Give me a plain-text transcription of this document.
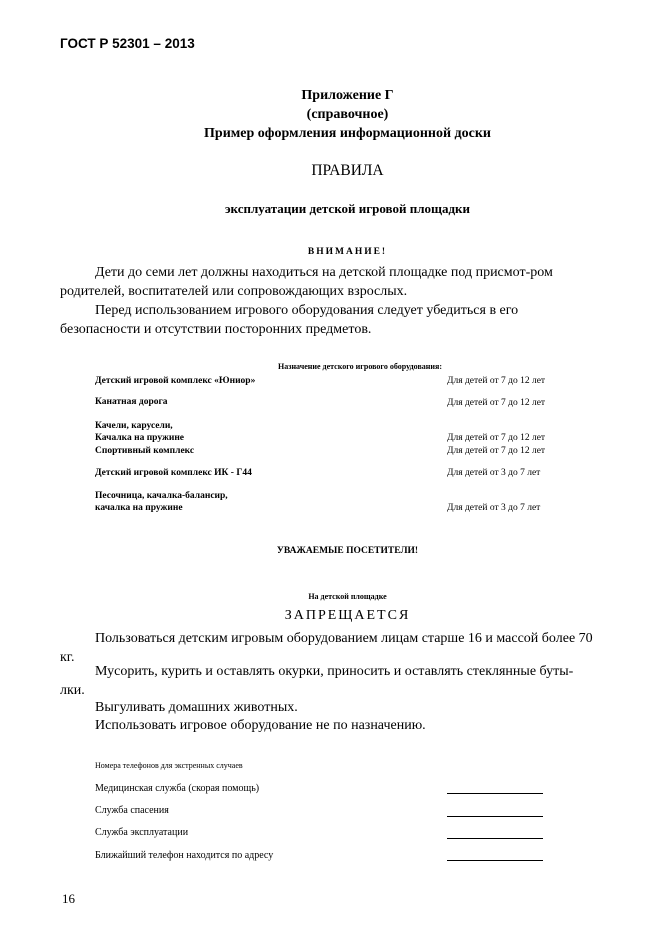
ГОСТ Р 52301 – 2013
Приложение Г
(справочное)
Пример оформления информационной доски
ПРАВИЛА
эксплуатации детской игровой площадки
ВНИМАНИЕ!

Дети до семи лет должны находиться на детской площадке под присмот-ром родителей, воспитателей или сопровождающих взрослых.

Перед использованием игрового оборудования следует убедиться в его безопасности и отсутствии посторонних предметов.

Назначение детского игрового оборудования:
Детский игровой комплекс «Юниор»	Для детей от 7 до 12 лет
Канатная дорога	Для детей от 7 до 12 лет
Качели, карусели,
Качалка на пружине	Для детей от 7 до 12 лет
Спортивный комплекс	Для детей от 7 до 12 лет
Детский игровой комплекс ИК - Г44	Для детей от 3 до 7 лет
Песочница, качалка-балансир,
качалка на пружине	Для детей от 3 до 7 лет
УВАЖАЕМЫЕ ПОСЕТИТЕЛИ!
На детской площадке
ЗАПРЕЩАЕТСЯ

Пользоваться детским игровым оборудованием лицам старше 16 и массой более 70 кг.

Мусорить, курить и оставлять окурки, приносить и оставлять стеклянные буты-лки.

Выгуливать домашних животных.

Использовать игровое оборудование не по назначению.

Номера телефонов для экстренных случаев
Медицинская служба (скорая помощь)
Служба спасения
Служба эксплуатации
Ближайший телефон находится по адресу
16
